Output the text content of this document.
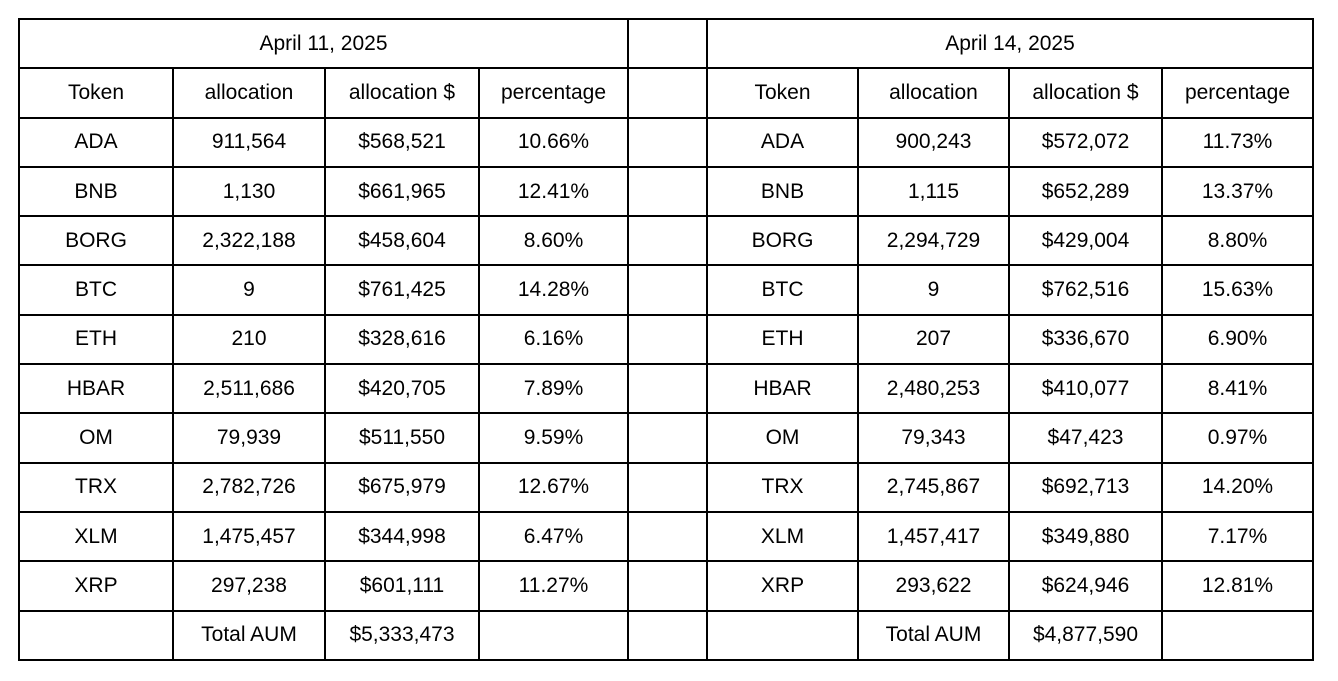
April 11, 2025					April 14, 2025			
Token	allocation	allocation $	percentage		Token	allocation	allocation $	percentage
ADA	911,564	$568,521	10.66%		ADA	900,243	$572,072	11.73%
BNB	1,130	$661,965	12.41%		BNB	1,115	$652,289	13.37%
BORG	2,322,188	$458,604	8.60%		BORG	2,294,729	$429,004	8.80%
BTC	9	$761,425	14.28%		BTC	9	$762,516	15.63%
ETH	210	$328,616	6.16%		ETH	207	$336,670	6.90%
HBAR	2,511,686	$420,705	7.89%		HBAR	2,480,253	$410,077	8.41%
OM	79,939	$511,550	9.59%		OM	79,343	$47,423	0.97%
TRX	2,782,726	$675,979	12.67%		TRX	2,745,867	$692,713	14.20%
XLM	1,475,457	$344,998	6.47%		XLM	1,457,417	$349,880	7.17%
XRP	297,238	$601,111	11.27%		XRP	293,622	$624,946	12.81%
	Total AUM	$5,333,473				Total AUM	$4,877,590	
